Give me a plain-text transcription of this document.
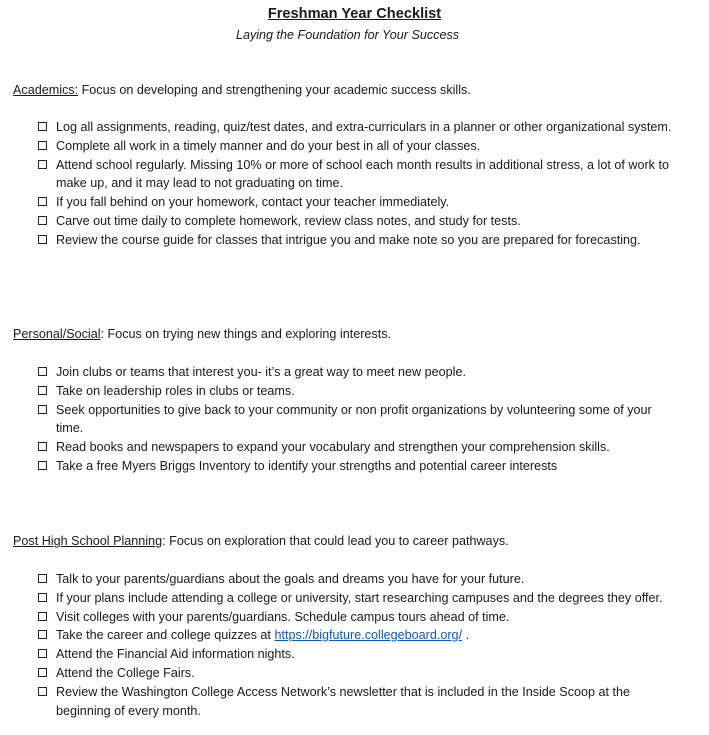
Freshman Year Checklist
Laying the Foundation for Your Success

Academics: Focus on developing and strengthening your academic success skills.

Log all assignments, reading, quiz/test dates, and extra-curriculars in a planner or other organizational system.
Complete all work in a timely manner and do your best in all of your classes.
Attend school regularly. Missing 10% or more of school each month results in additional stress, a lot of work to make up, and it may lead to not graduating on time.
If you fall behind on your homework, contact your teacher immediately.
Carve out time daily to complete homework, review class notes, and study for tests.
Review the course guide for classes that intrigue you and make note so you are prepared for forecasting.

Personal/Social: Focus on trying new things and exploring interests.

Join clubs or teams that interest you- it’s a great way to meet new people.
Take on leadership roles in clubs or teams.
Seek opportunities to give back to your community or non profit organizations by volunteering some of your time.
Read books and newspapers to expand your vocabulary and strengthen your comprehension skills.
Take a free Myers Briggs Inventory to identify your strengths and potential career interests

Post High School Planning: Focus on exploration that could lead you to career pathways.

Talk to your parents/guardians about the goals and dreams you have for your future.
If your plans include attending a college or university, start researching campuses and the degrees they offer.
Visit colleges with your parents/guardians. Schedule campus tours ahead of time.
Take the career and college quizzes at https://bigfuture.collegeboard.org/ .
Attend the Financial Aid information nights.
Attend the College Fairs.
Review the Washington College Access Network’s newsletter that is included in the Inside Scoop at the beginning of every month.
